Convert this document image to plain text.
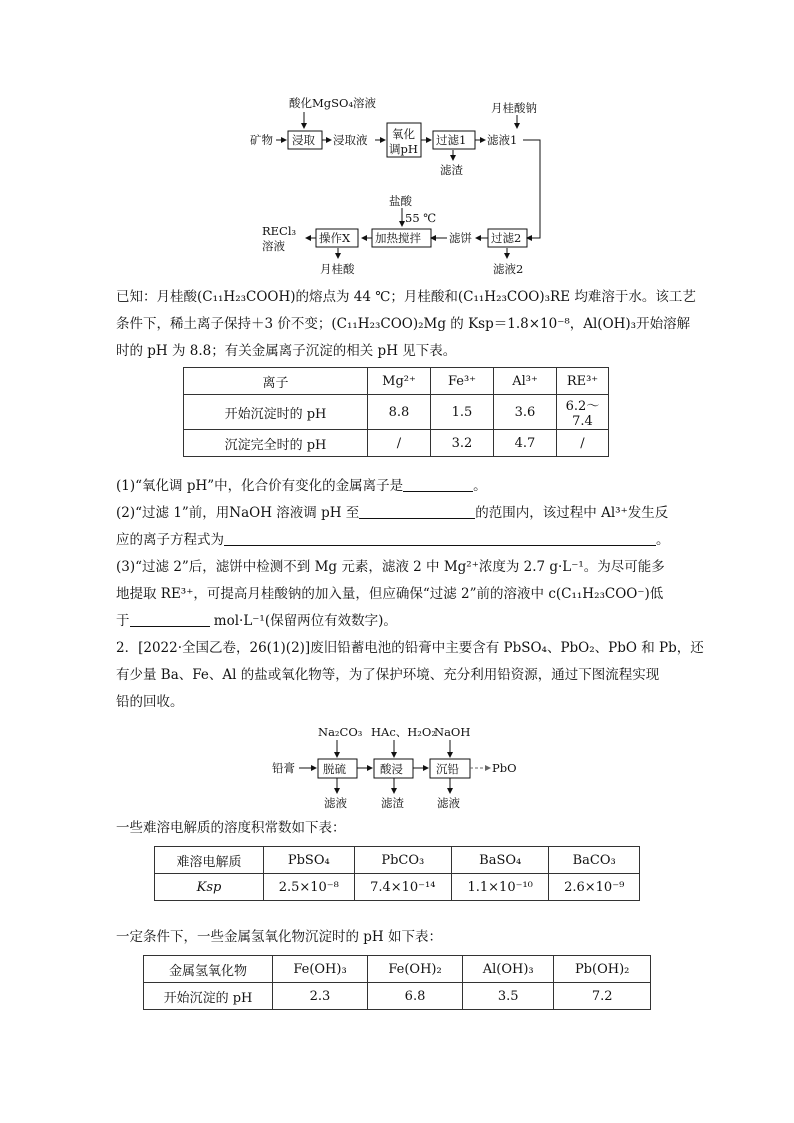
酸化MgSO₄溶液
矿物 浸取 浸取液 氧化
调pH
过滤1 滤液1
月桂酸钠
滤渣
盐酸
55 ℃
RECl₃
溶液
操作X 加热搅拌 滤饼 过滤2
月桂酸	滤液2
已知：月桂酸(C₁₁H₂₃COOH)的熔点为 44 ℃；月桂酸和(C₁₁H₂₃COO)₃RE 均难溶于水。该工艺
条件下，稀土离子保持＋3 价不变；(C₁₁H₂₃COO)₂Mg 的 Ksp＝1.8×10⁻⁸，Al(OH)₃开始溶解
时的 pH 为 8.8；有关金属离子沉淀的相关 pH 见下表。
离子	Mg²⁺	Fe³⁺	Al³⁺	RE³⁺
开始沉淀时的 pH	8.8	1.5	3.6	6.2～7.4
沉淀完全时的 pH	/	3.2	4.7	/
(1)“氧化调 pH”中，化合价有变化的金属离子是	。
(2)“过滤 1”前，用NaOH 溶液调 pH 至	的范围内，该过程中 Al³⁺发生反
应的离子方程式为	。
(3)“过滤 2”后，滤饼中检测不到 Mg 元素，滤液 2 中 Mg²⁺浓度为 2.7 g·L⁻¹。为尽可能多
地提取 RE³⁺，可提高月桂酸钠的加入量，但应确保“过滤 2”前的溶液中 c(C₁₁H₂₃COO⁻)低
于	mol·L⁻¹(保留两位有效数字)。
2．[2022·全国乙卷，26(1)(2)]废旧铅蓄电池的铅膏中主要含有 PbSO₄、PbO₂、PbO 和 Pb，还
有少量 Ba、Fe、Al 的盐或氧化物等，为了保护环境、充分利用铅资源，通过下图流程实现
铅的回收。
Na₂CO₃ HAc、H₂O₂
NaOH
铅膏 脱硫	酸浸	沉铅	PbO
滤液	滤渣	滤液
一些难溶电解质的溶度积常数如下表：
难溶电解质	PbSO₄	PbCO₃	BaSO₄	BaCO₃
Ksp	2.5×10⁻⁸	7.4×10⁻¹⁴	1.1×10⁻¹⁰	2.6×10⁻⁹
一定条件下，一些金属氢氧化物沉淀时的 pH 如下表：
金属氢氧化物	Fe(OH)₃	Fe(OH)₂	Al(OH)₃	Pb(OH)₂
开始沉淀的 pH	2.3	6.8	3.5	7.2
